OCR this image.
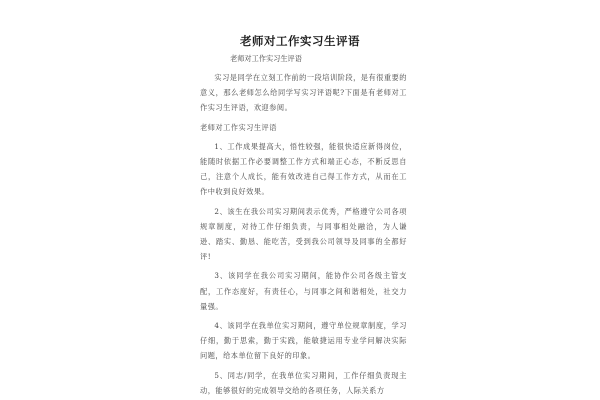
老师对工作实习生评语

老师对工作实习生评语

实习是同学在立刻工作前的一段培训阶段，是有很重要的意义，那么老师怎么给同学写实习评语呢?下面是有老师对工作实习生评语，欢迎参阅。

老师对工作实习生评语

1、工作成果提高大，悟性较强，能很快适应新得岗位，能随时依据工作必要调整工作方式和端正心态，不断反思自己，注意个人成长，能有效改进自己得工作方式，从而在工作中收到良好效果。

2、该生在我公司实习期间表示优秀，严格遵守公司各项规章制度，对待工作仔细负责，与同事相处融洽，为人谦逊、踏实、勤恳、能吃苦，受到我公司领导及同事的全都好评!

3、该同学在我公司实习期间，能协作公司各级主管支配，工作态度好，有责任心，与同事之间和谐相处，社交力量强。

4、该同学在我单位实习期间，遵守单位规章制度，学习仔细，勤于思索，勤于实践，能敏捷运用专业学问解决实际问题，给本单位留下良好的印象。

5、同志/同学，在我单位实习期间，工作仔细负责现主动，能够很好的完成领导交给的各项任务，人际关系方
